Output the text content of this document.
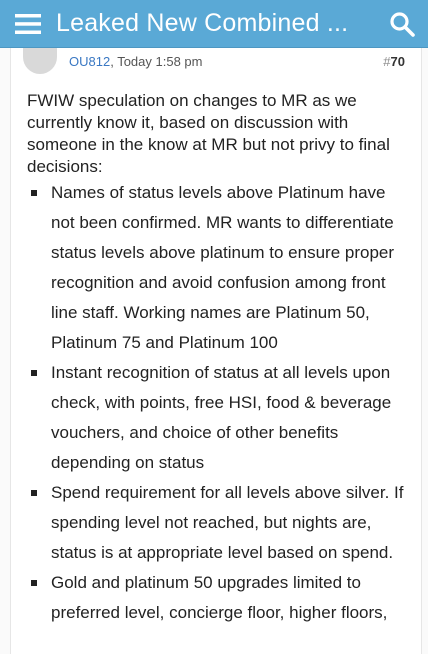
Leaked New Combined ...
OU812, Today 1:58 pm	#70

FWIW speculation on changes to MR as we currently know it, based on discussion with someone in the know at MR but not privy to final decisions:

Names of status levels above Platinum have not been confirmed. MR wants to differentiate status levels above platinum to ensure proper recognition and avoid confusion among front line staff. Working names are Platinum 50, Platinum 75 and Platinum 100
Instant recognition of status at all levels upon check, with points, free HSI, food & beverage vouchers, and choice of other benefits depending on status
Spend requirement for all levels above silver. If spending level not reached, but nights are, status is at appropriate level based on spend.
Gold and platinum 50 upgrades limited to preferred level, concierge floor, higher floors,
